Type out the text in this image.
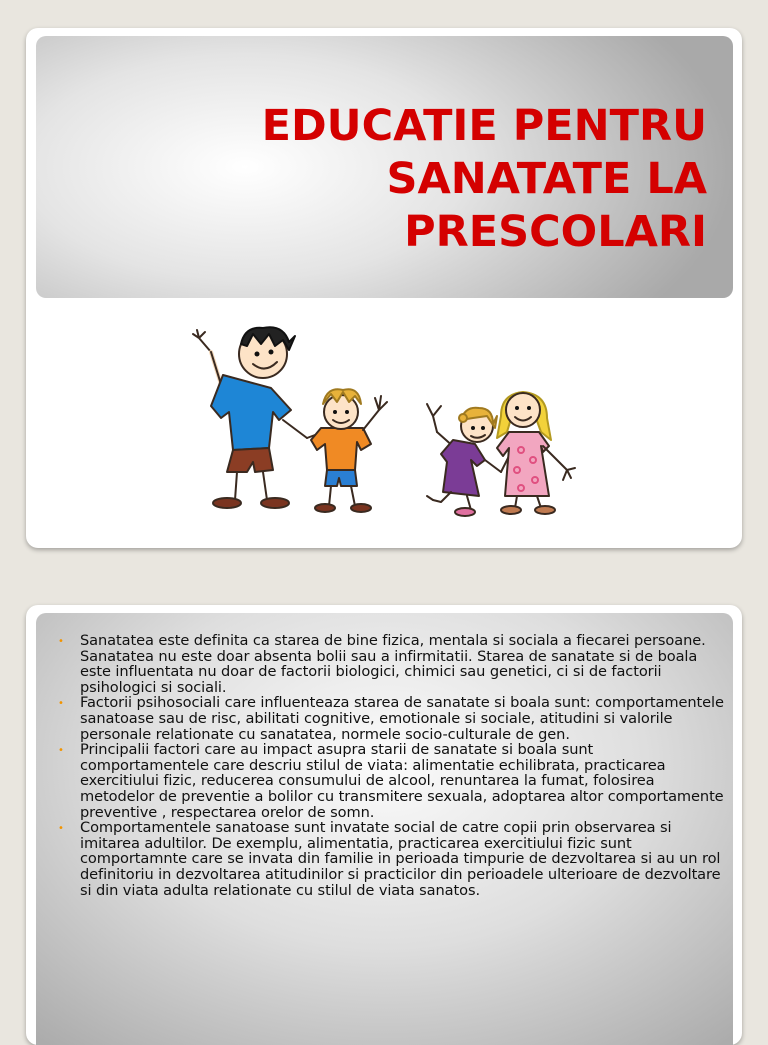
EDUCATIE PENTRU
SANATATE LA
PRESCOLARI
• Sanatatea este definita ca starea de bine fizica, mentala si sociala a fiecarei persoane. Sanatatea nu este doar absenta bolii sau a infirmitatii. Starea de sanatate si de boala este influentata nu doar de factorii biologici, chimici sau genetici, ci si de factorii psihologici si sociali.
• Factorii psihosociali care influenteaza starea de sanatate si boala sunt: comportamentele sanatoase sau de risc, abilitati cognitive, emotionale si sociale, atitudini si valorile personale relationate cu sanatatea, normele socio-culturale de gen.
• Principalii factori care au impact asupra starii de sanatate si boala sunt comportamentele care descriu stilul de viata: alimentatie echilibrata, practicarea exercitiului fizic, reducerea consumului de alcool, renuntarea la fumat, folosirea metodelor de preventie a bolilor cu transmitere sexuala, adoptarea altor comportamente preventive , respectarea orelor de somn.
• Comportamentele sanatoase sunt invatate social de catre copii prin observarea si imitarea adultilor. De exemplu, alimentatia, practicarea exercitiului fizic sunt comportamnte care se invata din familie in perioada timpurie de dezvoltarea si au un rol definitoriu in dezvoltarea atitudinilor si practicilor din perioadele ulterioare de dezvoltare si din viata adulta relationate cu stilul de viata sanatos.
